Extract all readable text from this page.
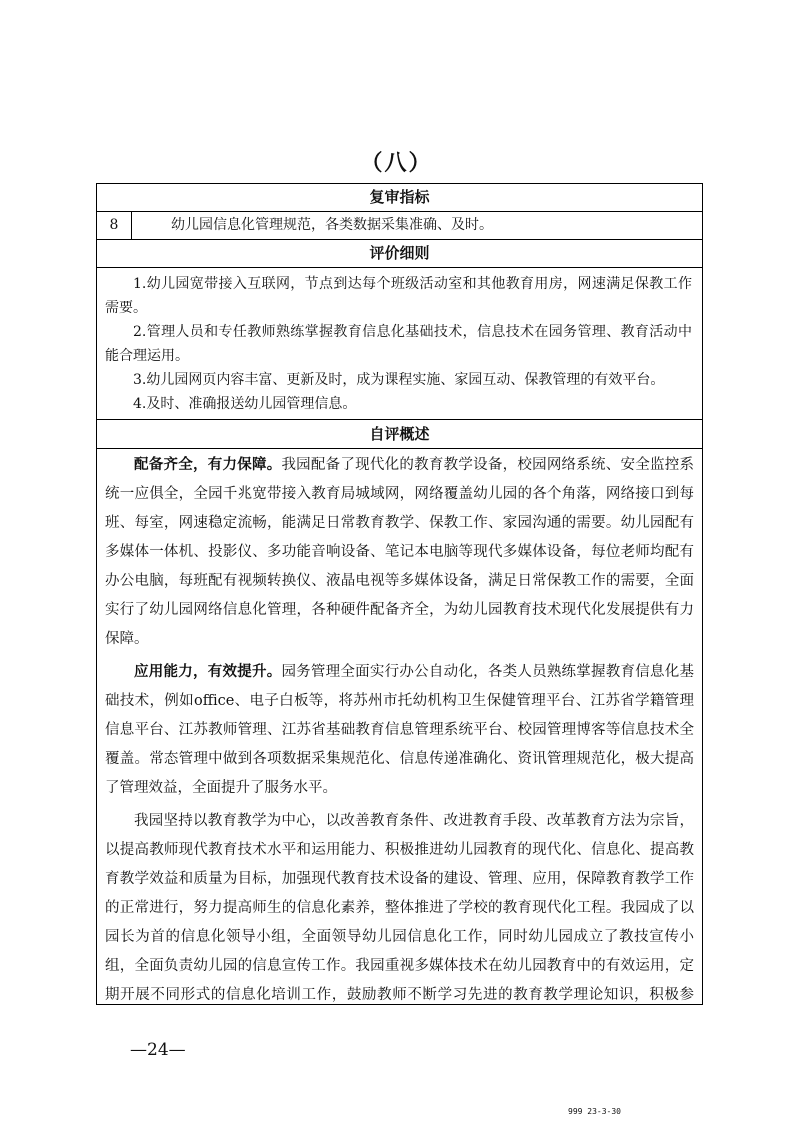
（八）
复审指标
8	幼儿园信息化管理规范，各类数据采集准确、及时。
评价细则

1.幼儿园宽带接入互联网，节点到达每个班级活动室和其他教育用房，网速满足保教工作需要。

2.管理人员和专任教师熟练掌握教育信息化基础技术，信息技术在园务管理、教育活动中能合理运用。

3.幼儿园网页内容丰富、更新及时，成为课程实施、家园互动、保教管理的有效平台。

4.及时、准确报送幼儿园管理信息。

自评概述

配备齐全，有力保障。我园配备了现代化的教育教学设备，校园网络系统、安全监控系统一应俱全，全园千兆宽带接入教育局城域网，网络覆盖幼儿园的各个角落，网络接口到每班、每室，网速稳定流畅，能满足日常教育教学、保教工作、家园沟通的需要。幼儿园配有多媒体一体机、投影仪、多功能音响设备、笔记本电脑等现代多媒体设备，每位老师均配有办公电脑，每班配有视频转换仪、液晶电视等多媒体设备，满足日常保教工作的需要，全面实行了幼儿园网络信息化管理，各种硬件配备齐全，为幼儿园教育技术现代化发展提供有力保障。

应用能力，有效提升。园务管理全面实行办公自动化，各类人员熟练掌握教育信息化基础技术，例如office、电子白板等，将苏州市托幼机构卫生保健管理平台、江苏省学籍管理信息平台、江苏教师管理、江苏省基础教育信息管理系统平台、校园管理博客等信息技术全覆盖。常态管理中做到各项数据采集规范化、信息传递准确化、资讯管理规范化，极大提高了管理效益，全面提升了服务水平。

我园坚持以教育教学为中心，以改善教育条件、改进教育手段、改革教育方法为宗旨，以提高教师现代教育技术水平和运用能力、积极推进幼儿园教育的现代化、信息化、提高教育教学效益和质量为目标，加强现代教育技术设备的建设、管理、应用，保障教育教学工作的正常进行，努力提高师生的信息化素养，整体推进了学校的教育现代化工程。我园成了以园长为首的信息化领导小组，全面领导幼儿园信息化工作，同时幼儿园成立了教技宣传小组，全面负责幼儿园的信息宣传工作。我园重视多媒体技术在幼儿园教育中的有效运用，定期开展不同形式的信息化培训工作，鼓励教师不断学习先进的教育教学理论知识，积极参

—24—
999 23-3-30
